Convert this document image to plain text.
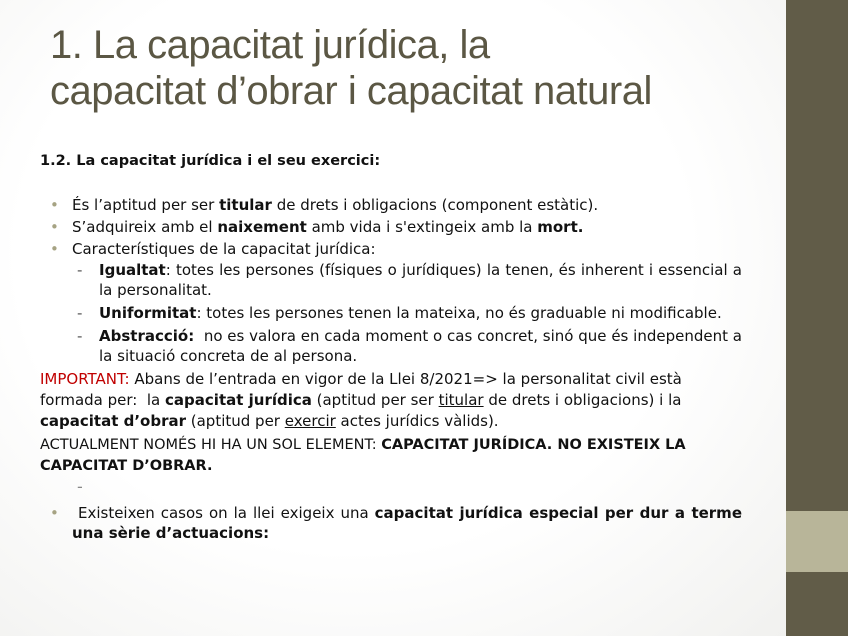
1. La capacitat jurídica, la
capacitat d’obrar i capacitat natural
1.2. La capacitat jurídica i el seu exercici:
• És l’aptitud per ser titular de drets i obligacions (component estàtic).
• S’adquireix amb el naixement amb vida i s'extingeix amb la mort.
• Característiques de la capacitat jurídica:
- Igualtat: totes les persones (físiques o jurídiques) la tenen, és inherent i essencial a la personalitat.
- Uniformitat: totes les persones tenen la mateixa, no és graduable ni modificable.
- Abstracció:  no es valora en cada moment o cas concret, sinó que és independent a la situació concreta de al persona.
IMPORTANT: Abans de l’entrada en vigor de la Llei 8/2021=> la personalitat civil està formada per:  la capacitat jurídica (aptitud per ser titular de drets i obligacions) i la capacitat d’obrar (aptitud per exercir actes jurídics vàlids).
ACTUALMENT NOMÉS HI HA UN SOL ELEMENT: CAPACITAT JURÍDICA. NO EXISTEIX LA CAPACITAT D’OBRAR.
-
•  Existeixen casos on la llei exigeix una capacitat jurídica especial per dur a terme una sèrie d’actuacions:
